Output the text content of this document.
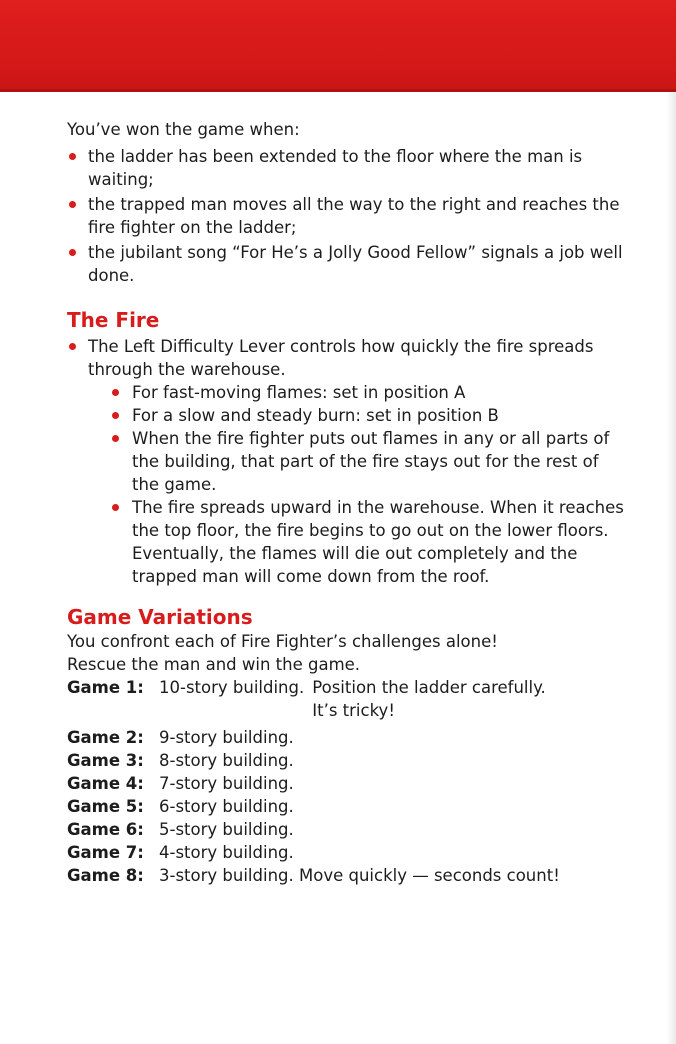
You’ve won the game when:

the ladder has been extended to the floor where the man is waiting;
the trapped man moves all the way to the right and reaches the fire fighter on the ladder;
the jubilant song “For He’s a Jolly Good Fellow” signals a job well done.
The Fire
The Left Difficulty Lever controls how quickly the fire spreads through the warehouse.
For fast-moving flames: set in position A
For a slow and steady burn: set in position B
When the fire fighter puts out flames in any or all parts of the building, that part of the fire stays out for the rest of the game.
The fire spreads upward in the warehouse. When it reaches the top floor, the fire begins to go out on the lower floors. Eventually, the flames will die out completely and the trapped man will come down from the roof.
Game Variations

You confront each of Fire Fighter’s challenges alone!

Rescue the man and win the game.

Game 1: 10-story building. Position the ladder carefully. It’s tricky!
Game 2: 9-story building.
Game 3: 8-story building.
Game 4: 7-story building.
Game 5: 6-story building.
Game 6: 5-story building.
Game 7: 4-story building.
Game 8: 3-story building. Move quickly — seconds count!
